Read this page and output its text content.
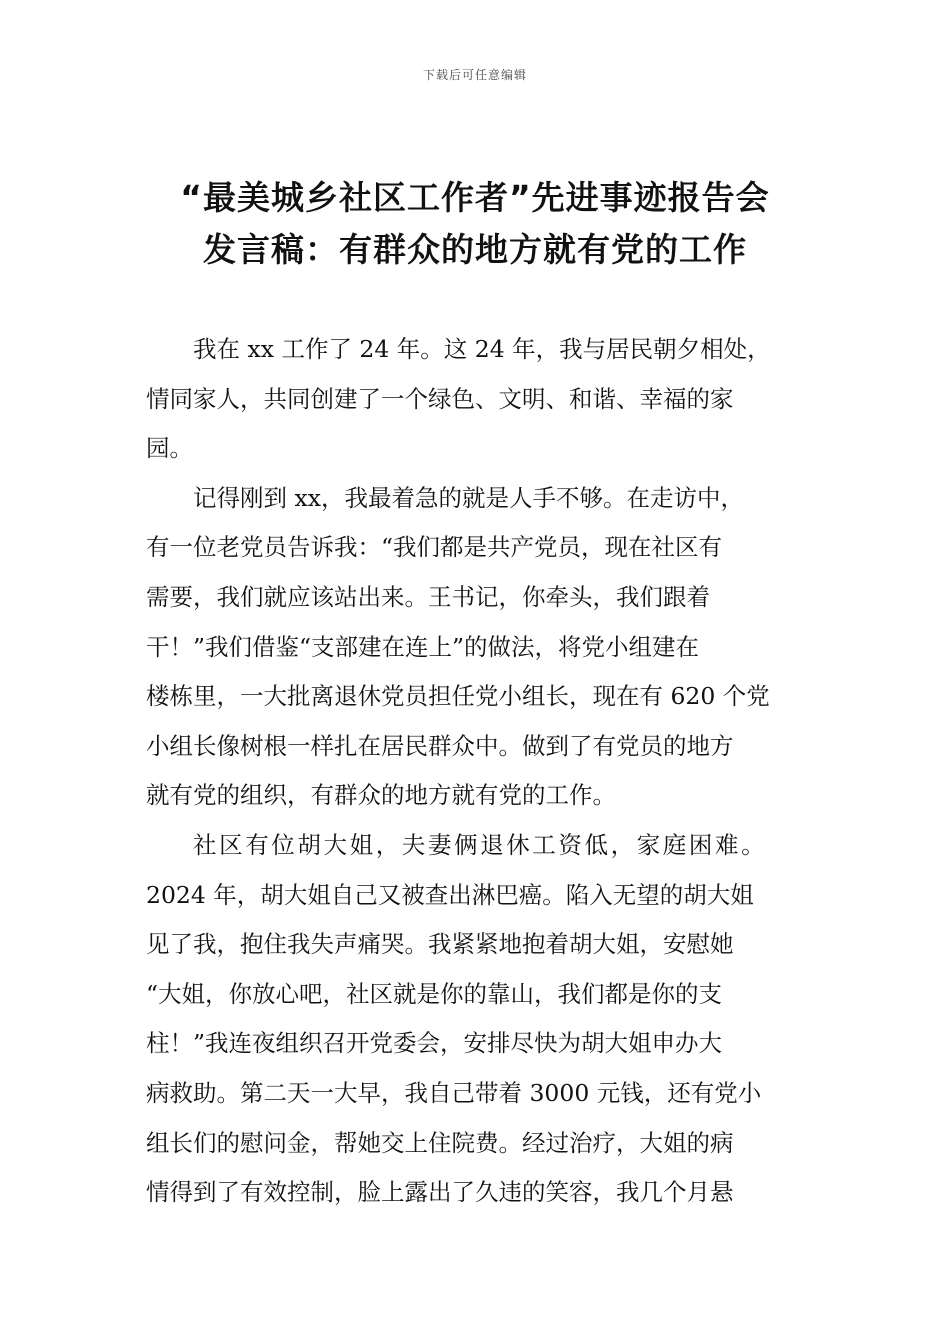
下载后可任意编辑
“最美城乡社区工作者”先进事迹报告会
发言稿：有群众的地方就有党的工作

我在 xx 工作了 24 年。这 24 年，我与居民朝夕相处，
情同家人，共同创建了一个绿色、文明、和谐、幸福的家
园。

记得刚到 xx，我最着急的就是人手不够。在走访中，
有一位老党员告诉我：“我们都是共产党员，现在社区有
需要，我们就应该站出来。王书记，你牵头，我们跟着
干！”我们借鉴“支部建在连上”的做法，将党小组建在
楼栋里，一大批离退休党员担任党小组长，现在有 620 个党
小组长像树根一样扎在居民群众中。做到了有党员的地方
就有党的组织，有群众的地方就有党的工作。

社区有位胡大姐，夫妻俩退休工资低，家庭困难。
2024 年，胡大姐自己又被查出淋巴癌。陷入无望的胡大姐
见了我，抱住我失声痛哭。我紧紧地抱着胡大姐，安慰她
“大姐，你放心吧，社区就是你的靠山，我们都是你的支
柱！”我连夜组织召开党委会，安排尽快为胡大姐申办大
病救助。第二天一大早，我自己带着 3000 元钱，还有党小
组长们的慰问金，帮她交上住院费。经过治疗，大姐的病
情得到了有效控制，脸上露出了久违的笑容，我几个月悬
